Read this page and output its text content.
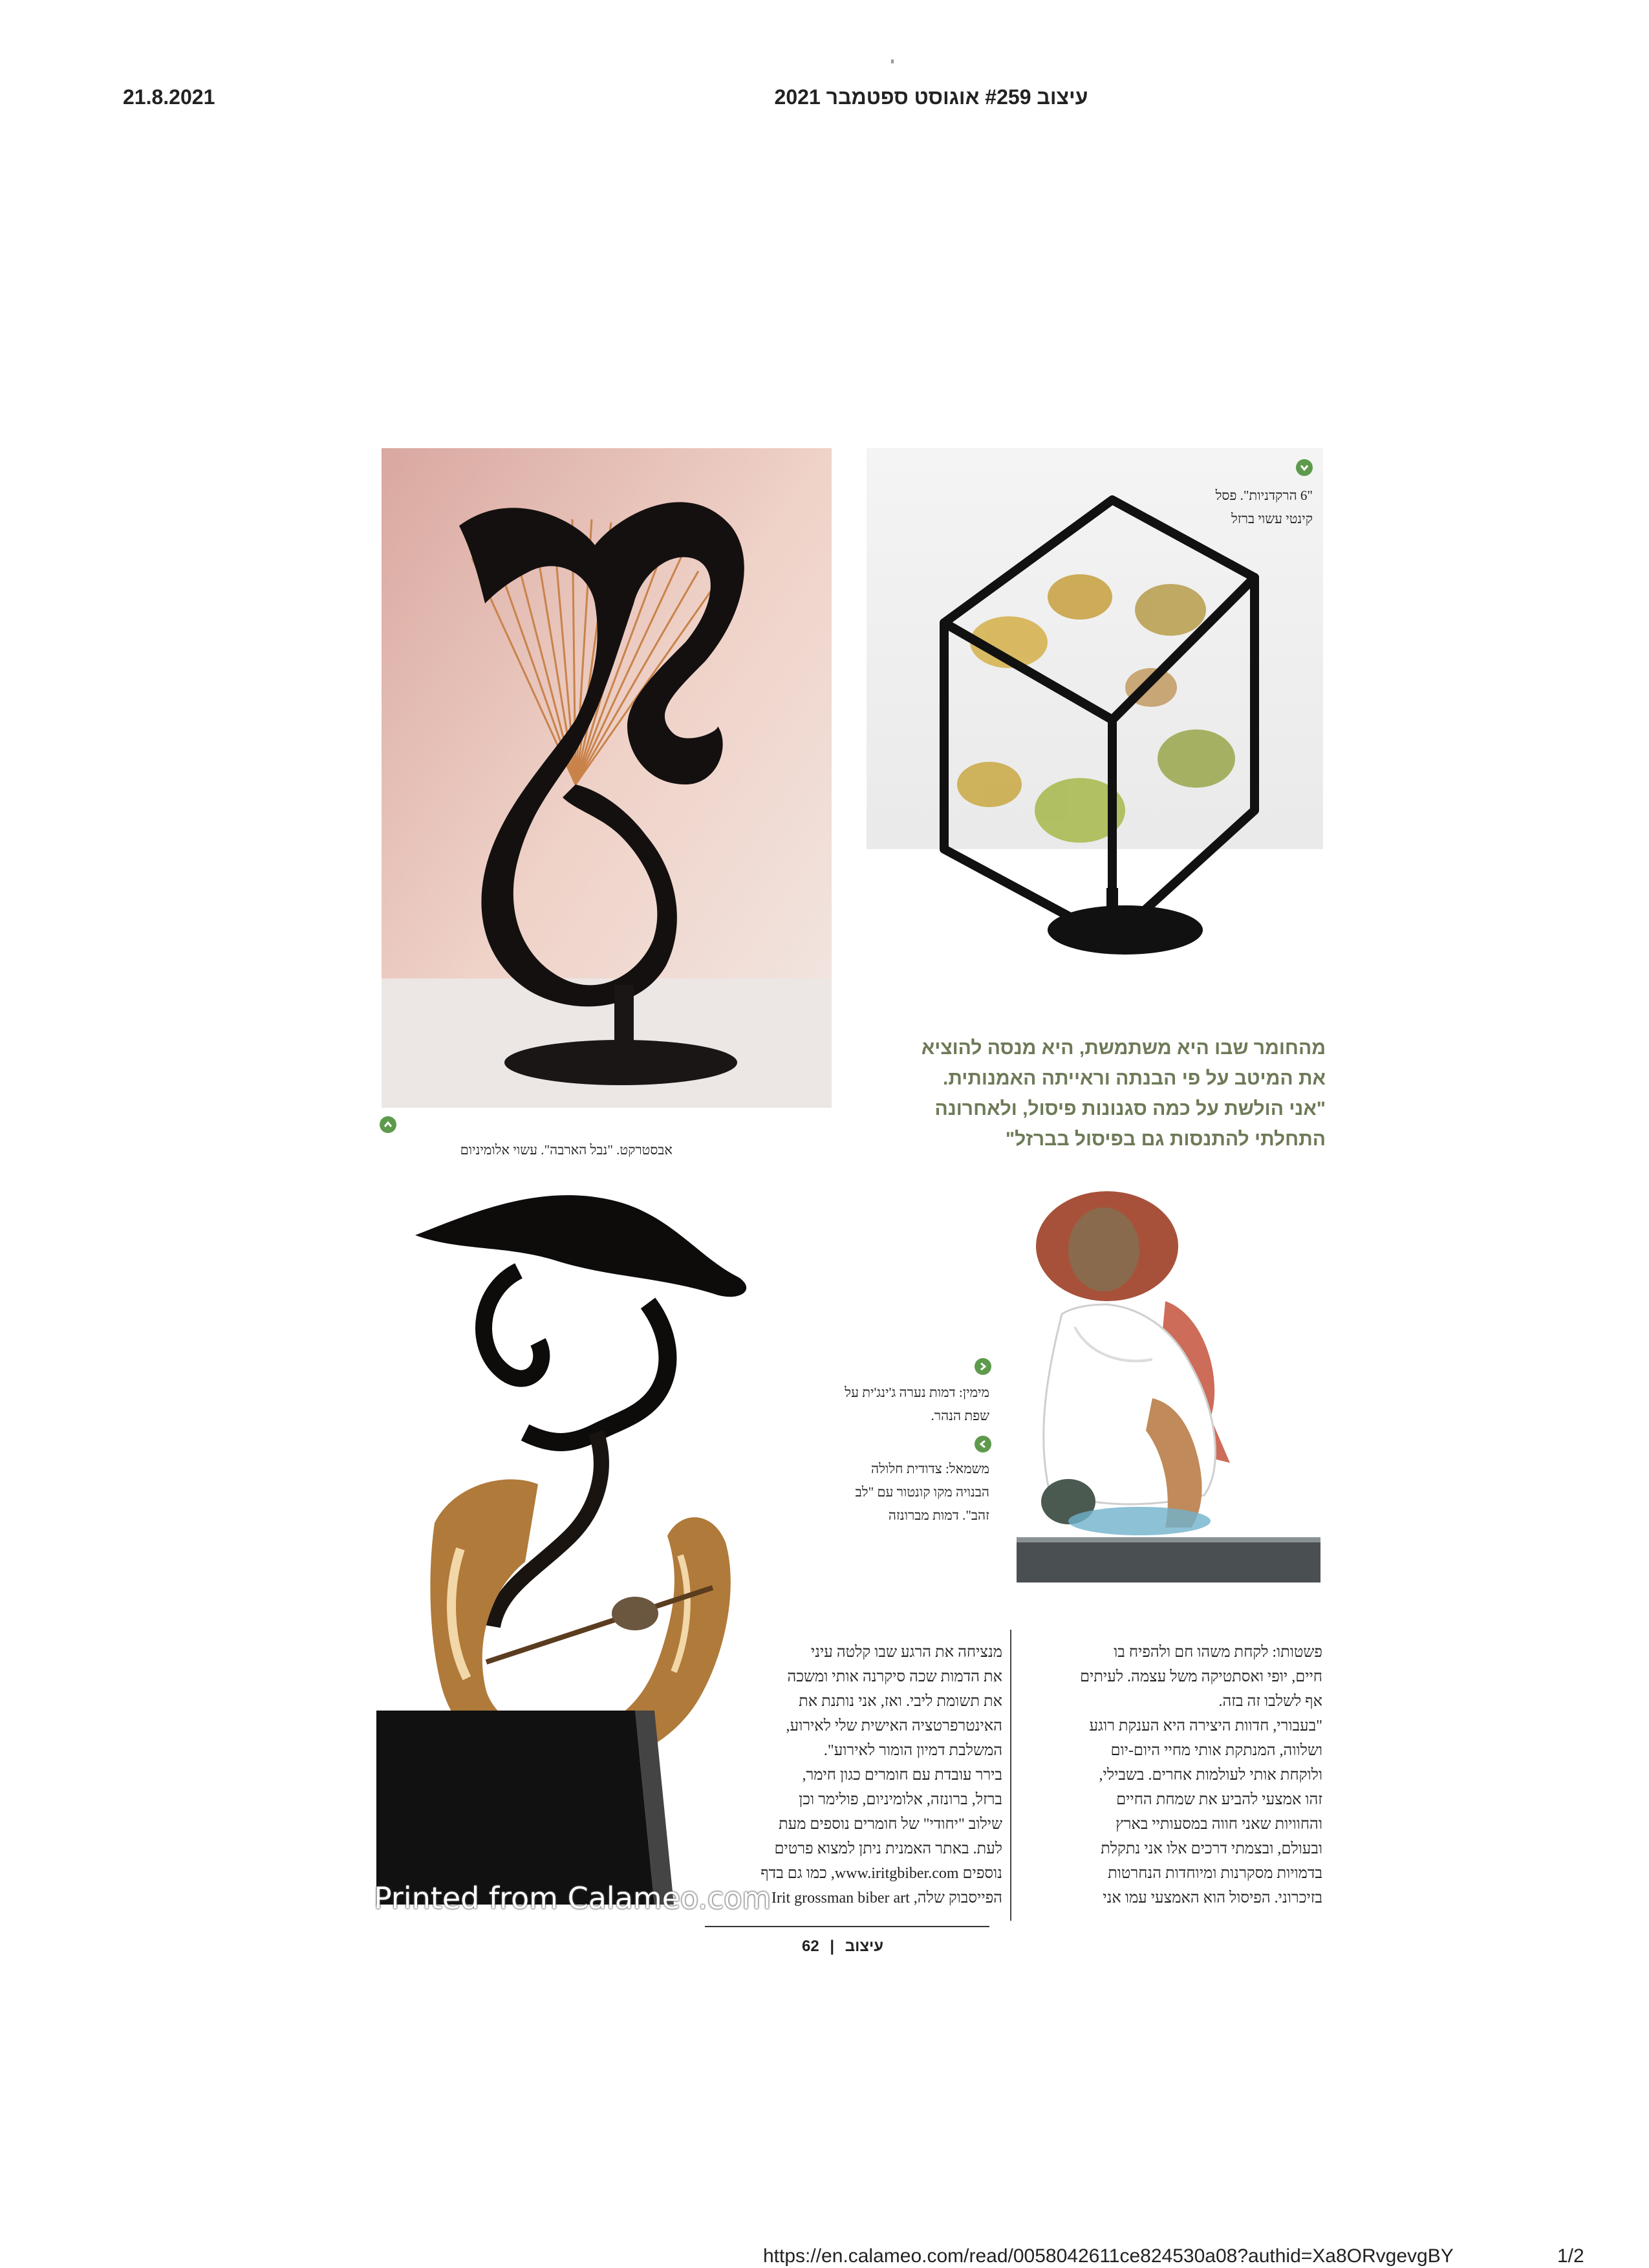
21.8.2021	עיצוב #259 אוגוסט ספטמבר 2021
"6 הרקדניות". פסל
קינטי עשוי ברזל
אבסטרקט. "נבל הארבה". עשוי אלומיניום
מהחומר שבו היא משתמשת, היא מנסה להוציא
את המיטב על פי הבנתה וראייתה האמנותית.
"אני הולשת על כמה סגנונות פיסול, ולאחרונה
התחלתי להתנסות גם בפיסול בברזל"
Printed from Calameo.com
מימין: דמות נערה ג'ינג'ית על
שפת הנהר.
משמאל: צדודית חלולה
הבנויה מקו קונטור עם "לב
זהב". דמות מברונזה
פשטותו: לקחת משהו חם ולהפיח בו
חיים, יופי ואסתטיקה משל עצמה. לעיתים
אף לשלבו זה בזה.
"בעבורי, חדוות היצירה היא הענקת רוגע
ושלווה, המנתקת אותי מחיי היום-יום
ולוקחת אותי לעולמות אחרים. בשבילי,
זהו אמצעי להביע את שמחת החיים
והחוויות שאני חווה במסעותיי בארץ
ובעולם, ובצמתי דרכים אלו אני נתקלת
בדמויות מסקרנות ומיוחדות הנחרטות
בזיכרוני. הפיסול הוא האמצעי עמו אני
מנציחה את הרגע שבו קלטה עיני
את הדמות שכה סיקרנה אותי ומשכה
את תשומת ליבי. ואז, אני נותנת את
האינטרפרטציה האישית שלי לאירוע,
המשלבת דמיון הומור לאירוע".
בירר עובדת עם חומרים כגון חימר,
ברזל, ברונזה, אלומיניום, פולימר וכן
שילוב "יחודי" של חומרים נוספים מעת
לעת. באתר האמנית ניתן למצוא פרטים
נוספים www.iritgbiber.com, כמו גם בדף
הפייסבוק שלה, Irit grossman biber art
עיצוב | 62
https://en.calameo.com/read/0058042611ce824530a08?authid=Xa8ORvgevgBY	1/2
